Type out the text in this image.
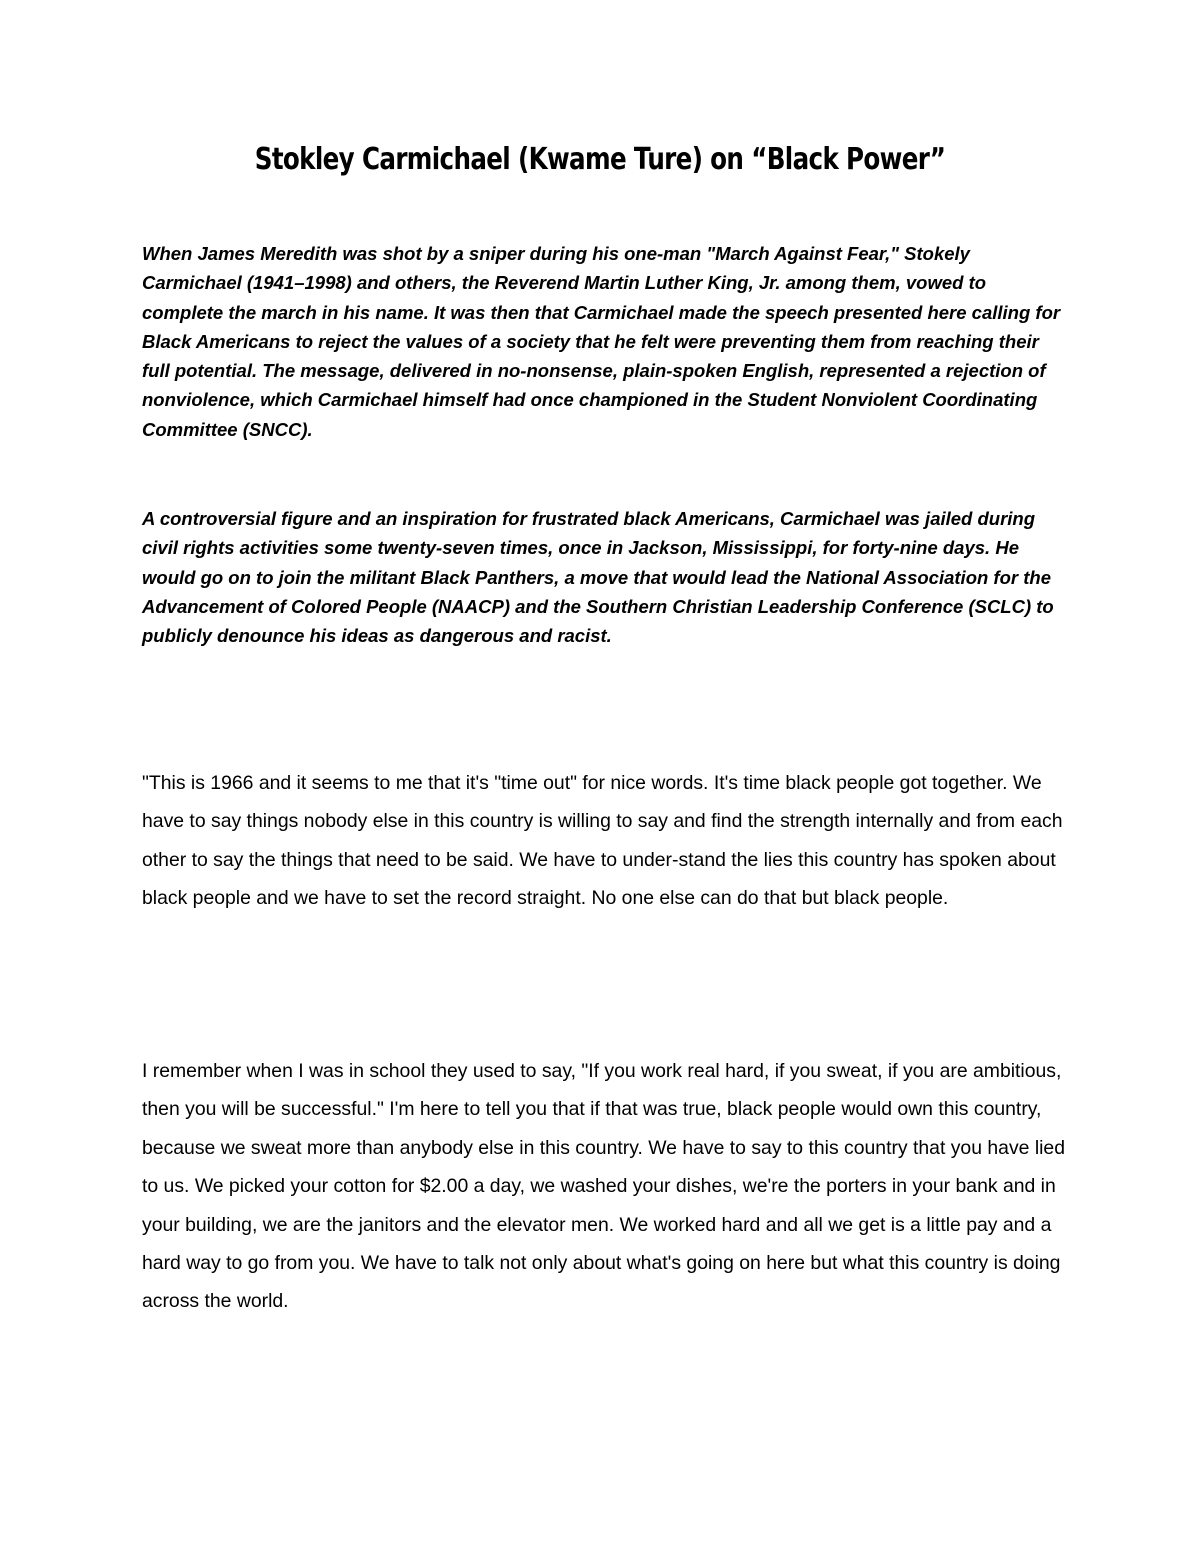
Stokley Carmichael (Kwame Ture) on “Black Power”

When James Meredith was shot by a sniper during his one-man "March Against Fear," Stokely Carmichael (1941–1998) and others, the Reverend Martin Luther King, Jr. among them, vowed to complete the march in his name. It was then that Carmichael made the speech presented here calling for Black Americans to reject the values of a society that he felt were preventing them from reaching their full potential. The message, delivered in no-nonsense, plain-spoken English, represented a rejection of nonviolence, which Carmichael himself had once championed in the Student Nonviolent Coordinating Committee (SNCC).

A controversial figure and an inspiration for frustrated black Americans, Carmichael was jailed during civil rights activities some twenty-seven times, once in Jackson, Mississippi, for forty-nine days. He would go on to join the militant Black Panthers, a move that would lead the National Association for the Advancement of Colored People (NAACP) and the Southern Christian Leadership Conference (SCLC) to publicly denounce his ideas as dangerous and racist.

"This is 1966 and it seems to me that it's "time out" for nice words. It's time black people got together. We have to say things nobody else in this country is willing to say and find the strength internally and from each other to say the things that need to be said. We have to under-stand the lies this country has spoken about black people and we have to set the record straight. No one else can do that but black people.

I remember when I was in school they used to say, "If you work real hard, if you sweat, if you are ambitious, then you will be successful." I'm here to tell you that if that was true, black people would own this country, because we sweat more than anybody else in this country. We have to say to this country that you have lied to us. We picked your cotton for $2.00 a day, we washed your dishes, we're the porters in your bank and in your building, we are the janitors and the elevator men. We worked hard and all we get is a little pay and a hard way to go from you. We have to talk not only about what's going on here but what this country is doing across the world.
